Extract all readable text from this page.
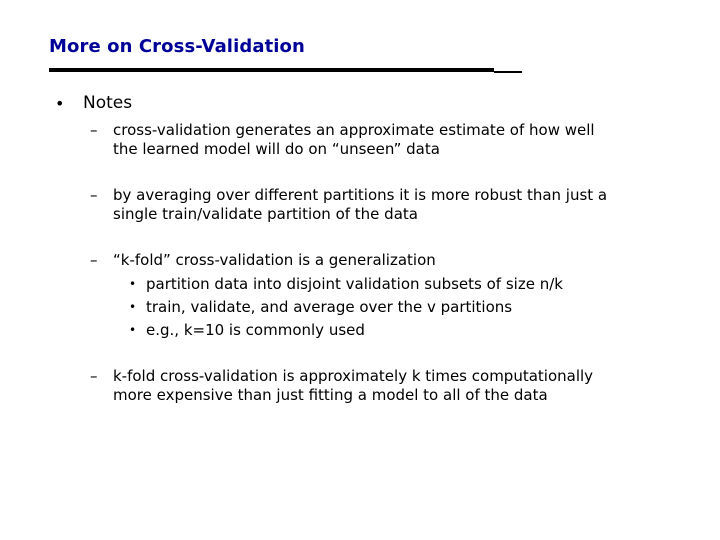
More on Cross-Validation
• Notes
– cross-validation generates an approximate estimate of how well
the learned model will do on “unseen” data
– by averaging over different partitions it is more robust than just a
single train/validate partition of the data
– “k-fold” cross-validation is a generalization
• partition data into disjoint validation subsets of size n/k
• train, validate, and average over the v partitions
• e.g., k=10 is commonly used
– k-fold cross-validation is approximately k times computationally
more expensive than just fitting a model to all of the data
